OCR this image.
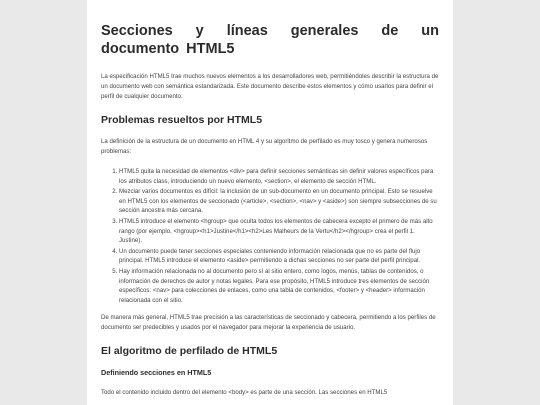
Secciones y líneas generales de un documento HTML5

La especificación HTML5 trae muchos nuevos elementos a los desarrolladores web, permitiéndoles describir la estructura de un documento web con semántica estandarizada. Este documento describe estos elementos y cómo usarlos para definir el perfil de cualquier documento.

Problemas resueltos por HTML5

La definición de la estructura de un documento en HTML 4 y su algoritmo de perfilado es muy tosco y genera numerosos problemas:

1. HTML5 quita la necesidad de elementos <div> para definir secciones semánticas sin definir valores específicos para los atributos class, introduciendo un nuevo elemento, <section>, el elemento de sección HTML.
2. Mezclar varios documentos es difícil: la inclusión de un sub-documento en un documento principal. Esto se resuelve en HTML5 con los elementos de seccionado (<article>, <section>, <nav> y <aside>) son siempre subsecciones de su sección ancestra más cercana.
3. HTML5 introduce el elemento <hgroup> que oculta todos los elementos de cabecera excepto el primero de más alto rango (por ejemplo, <hgroup><h1>Justine</h1><h2>Les Malheurs de la Vertu</h2></hgroup> crea el perfil 1. Justine).
4. Un documento puede tener secciones especiales conteniendo información relacionada que no es parte del flujo principal. HTML5 introduce el elemento <aside> permitiendo a dichas secciones no ser parte del perfil principal.
5. Hay información relacionada no al documento pero sí al sitio entero, como logos, menús, tablas de contenidos, o información de derechos de autor y notas legales. Para ese propósito, HTML5 introduce tres elementos de sección específicos: <nav> para colecciones de enlaces, como una tabla de contenidos, <footer> y <header> información relacionada con el sitio.

De manera más general, HTML5 trae precisión a las características de seccionado y cabecera, permitiendo a los perfiles de documento ser predecibles y usados por el navegador para mejorar la experiencia de usuario.

El algoritmo de perfilado de HTML5
Definiendo secciones en HTML5

Todo el contenido incluido dentro del elemento <body> es parte de una sección. Las secciones en HTML5
